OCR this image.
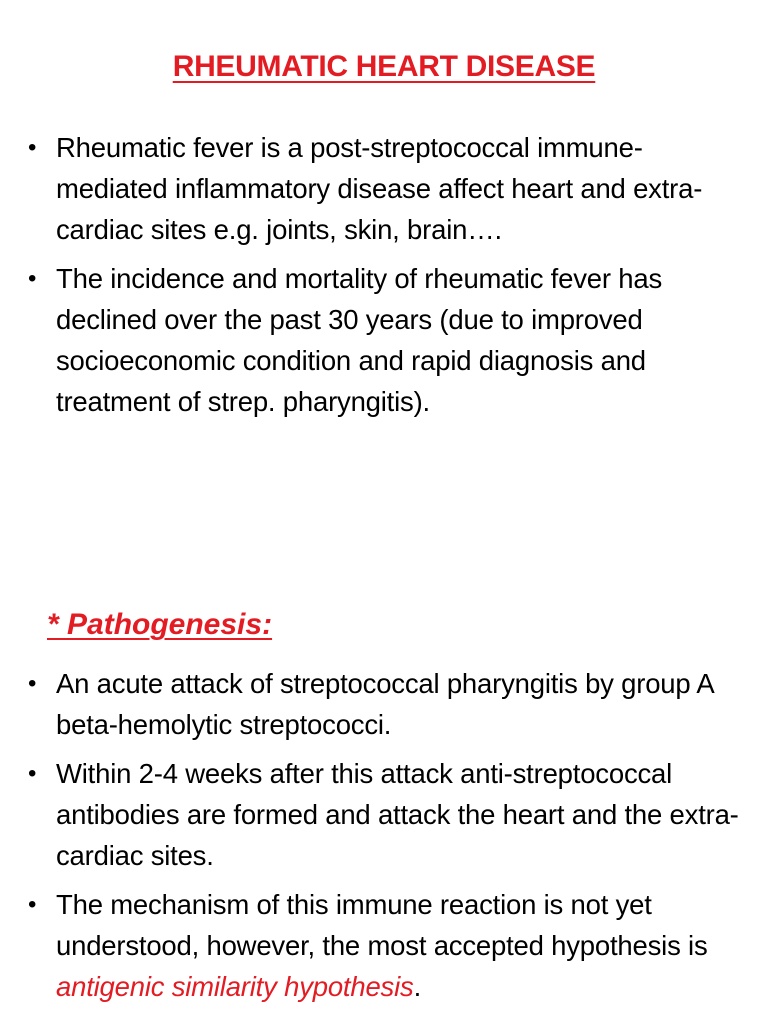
RHEUMATIC HEART DISEASE
• Rheumatic fever is a post-streptococcal immune-mediated inflammatory disease affect heart and extra-cardiac sites e.g. joints, skin, brain….
• The incidence and mortality of rheumatic fever has declined over the past 30 years (due to improved socioeconomic condition and rapid diagnosis and treatment of strep. pharyngitis).
* Pathogenesis:
• An acute attack of streptococcal pharyngitis by group A beta-hemolytic streptococci.
• Within 2-4 weeks after this attack anti-streptococcal antibodies are formed and attack the heart and the extra-cardiac sites.
• The mechanism of this immune reaction is not yet understood, however, the most accepted hypothesis is antigenic similarity hypothesis.
